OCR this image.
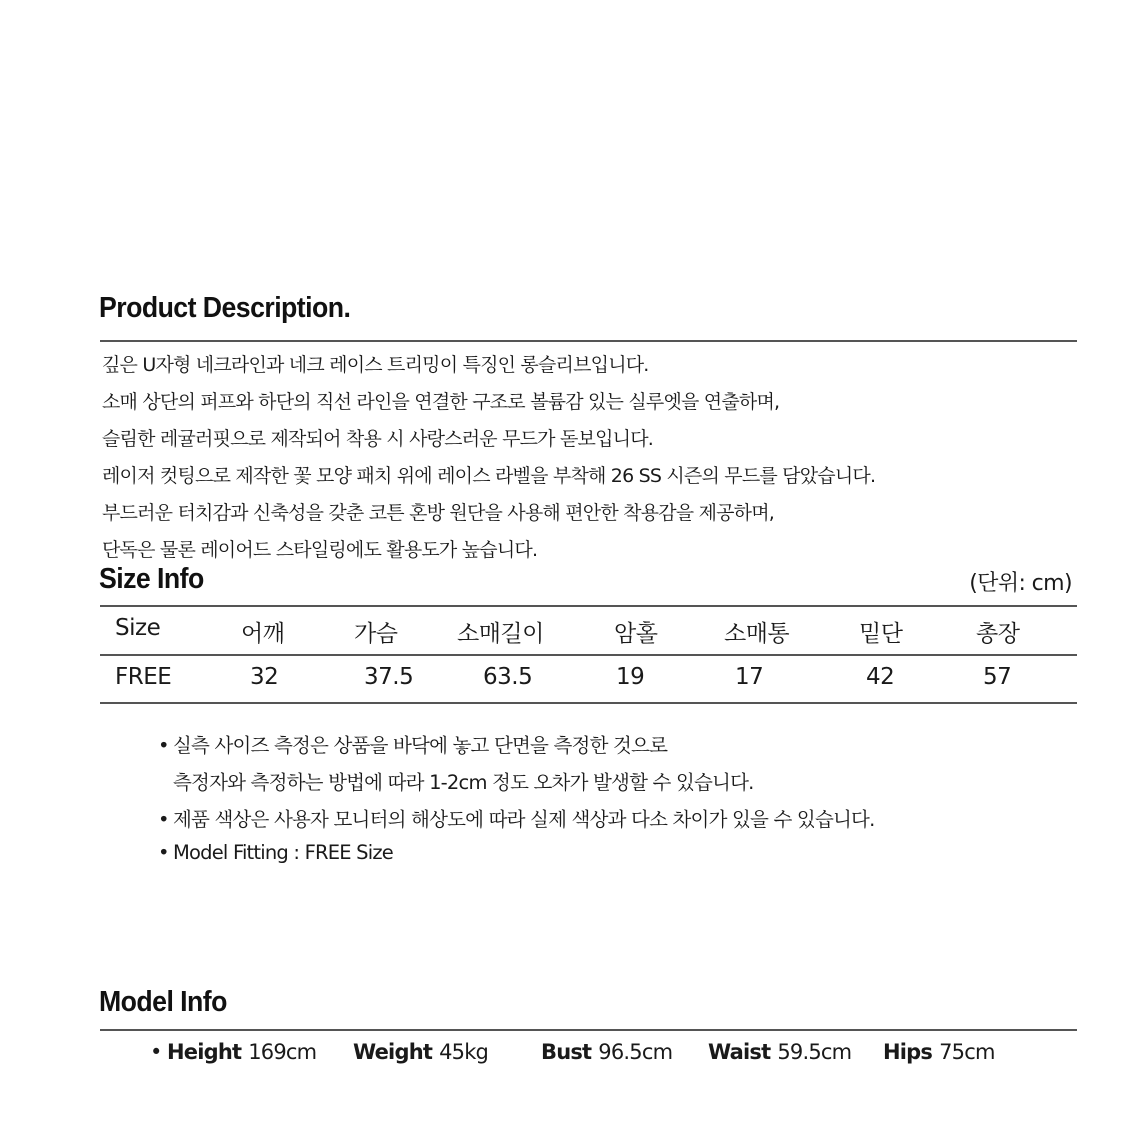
Product Description.
깊은 U자형 네크라인과 네크 레이스 트리밍이 특징인 롱슬리브입니다.
소매 상단의 퍼프와 하단의 직선 라인을 연결한 구조로 볼륨감 있는 실루엣을 연출하며,
슬림한 레귤러핏으로 제작되어 착용 시 사랑스러운 무드가 돋보입니다.
레이저 컷팅으로 제작한 꽃 모양 패치 위에 레이스 라벨을 부착해 26 SS 시즌의 무드를 담았습니다.
부드러운 터치감과 신축성을 갖춘 코튼 혼방 원단을 사용해 편안한 착용감을 제공하며,
단독은 물론 레이어드 스타일링에도 활용도가 높습니다.
Size Info	(단위: cm)
Size	어깨	가슴	소매길이	암홀	소매통	밑단	총장
FREE	32	37.5	63.5	19	17	42	57
• 실측 사이즈 측정은 상품을 바닥에 놓고 단면을 측정한 것으로
측정자와 측정하는 방법에 따라 1-2cm 정도 오차가 발생할 수 있습니다.
• 제품 색상은 사용자 모니터의 해상도에 따라 실제 색상과 다소 차이가 있을 수 있습니다.
• Model Fitting : FREE Size
Model Info
• Height 169cm Weight 45kg	Bust 96.5cm Waist 59.5cm Hips 75cm
